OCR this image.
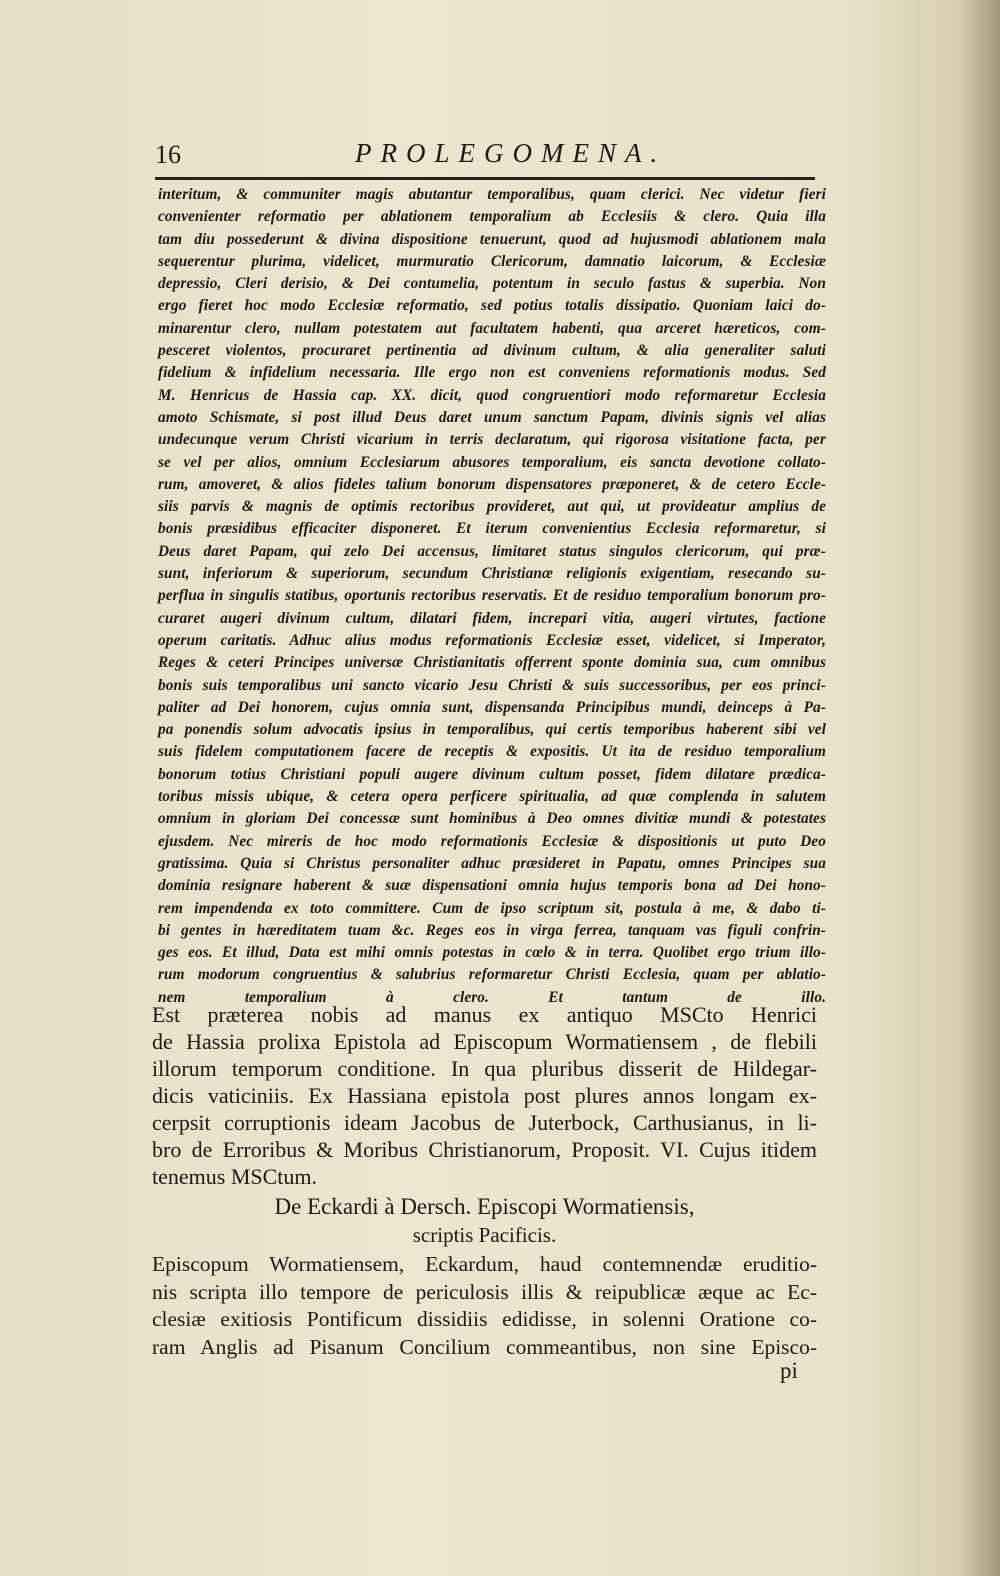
16	PROLEGOMENA.
interitum, & communiter magis abutantur temporalibus, quam clerici. Nec videtur fieri
convenienter reformatio per ablationem temporalium ab Ecclesiis & clero. Quia illa
tam diu possederunt & divina dispositione tenuerunt, quod ad hujusmodi ablationem mala
sequerentur plurima, videlicet, murmuratio Clericorum, damnatio laicorum, & Ecclesiæ
depressio, Cleri derisio, & Dei contumelia, potentum in seculo fastus & superbia. Non
ergo fieret hoc modo Ecclesiæ reformatio, sed potius totalis dissipatio. Quoniam laici do-
minarentur clero, nullam potestatem aut facultatem habenti, qua arceret hæreticos, com-
pesceret violentos, procuraret pertinentia ad divinum cultum, & alia generaliter saluti
fidelium & infidelium necessaria. Ille ergo non est conveniens reformationis modus. Sed
M. Henricus de Hassia cap. XX. dicit, quod congruentiori modo reformaretur Ecclesia
amoto Schismate, si post illud Deus daret unum sanctum Papam, divinis signis vel alias
undecunque verum Christi vicarium in terris declaratum, qui rigorosa visitatione facta, per
se vel per alios, omnium Ecclesiarum abusores temporalium, eis sancta devotione collato-
rum, amoveret, & alios fideles talium bonorum dispensatores præponeret, & de cetero Eccle-
siis parvis & magnis de optimis rectoribus provideret, aut qui, ut provideatur amplius de
bonis præsidibus efficaciter disponeret. Et iterum convenientius Ecclesia reformaretur, si
Deus daret Papam, qui zelo Dei accensus, limitaret status singulos clericorum, qui præ-
sunt, inferiorum & superiorum, secundum Christianæ religionis exigentiam, resecando su-
perflua in singulis statibus, oportunis rectoribus reservatis. Et de residuo temporalium bonorum pro-
curaret augeri divinum cultum, dilatari fidem, increpari vitia, augeri virtutes, factione
operum caritatis. Adhuc alius modus reformationis Ecclesiæ esset, videlicet, si Imperator,
Reges & ceteri Principes universæ Christianitatis offerrent sponte dominia sua, cum omnibus
bonis suis temporalibus uni sancto vicario Jesu Christi & suis successoribus, per eos princi-
paliter ad Dei honorem, cujus omnia sunt, dispensanda Principibus mundi, deinceps à Pa-
pa ponendis solum advocatis ipsius in temporalibus, qui certis temporibus haberent sibi vel
suis fidelem computationem facere de receptis & expositis. Ut ita de residuo temporalium
bonorum totius Christiani populi augere divinum cultum posset, fidem dilatare prædica-
toribus missis ubique, & cetera opera perficere spiritualia, ad quæ complenda in salutem
omnium in gloriam Dei concessæ sunt hominibus à Deo omnes divitiæ mundi & potestates
ejusdem. Nec mireris de hoc modo reformationis Ecclesiæ & dispositionis ut puto Deo
gratissima. Quia si Christus personaliter adhuc præsideret in Papatu, omnes Principes sua
dominia resignare haberent & suæ dispensationi omnia hujus temporis bona ad Dei hono-
rem impendenda ex toto committere. Cum de ipso scriptum sit, postula à me, & dabo ti-
bi gentes in hæreditatem tuam &c. Reges eos in virga ferrea, tanquam vas figuli confrin-
ges eos. Et illud, Data est mihi omnis potestas in cœlo & in terra. Quolibet ergo trium illo-
rum modorum congruentius & salubrius reformaretur Christi Ecclesia, quam per ablatio-
nem temporalium à clero. Et tantum de illo.
Est præterea nobis ad manus ex antiquo MSCto Henrici
de Hassia prolixa Epistola ad Episcopum Wormatiensem , de flebili
illorum temporum conditione. In qua pluribus disserit de Hildegar-
dicis vaticiniis. Ex Hassiana epistola post plures annos longam ex-
cerpsit corruptionis ideam Jacobus de Juterbock, Carthusianus, in li-
bro de Erroribus & Moribus Christianorum, Proposit. VI. Cujus itidem
tenemus MSCtum.
De Eckardi à Dersch. Episcopi Wormatiensis,
scriptis Pacificis.
Episcopum Wormatiensem, Eckardum, haud contemnendæ eruditio-
nis scripta illo tempore de periculosis illis & reipublicæ æque ac Ec-
clesiæ exitiosis Pontificum dissidiis edidisse, in solenni Oratione co-
ram Anglis ad Pisanum Concilium commeantibus, non sine Episco-
pi
